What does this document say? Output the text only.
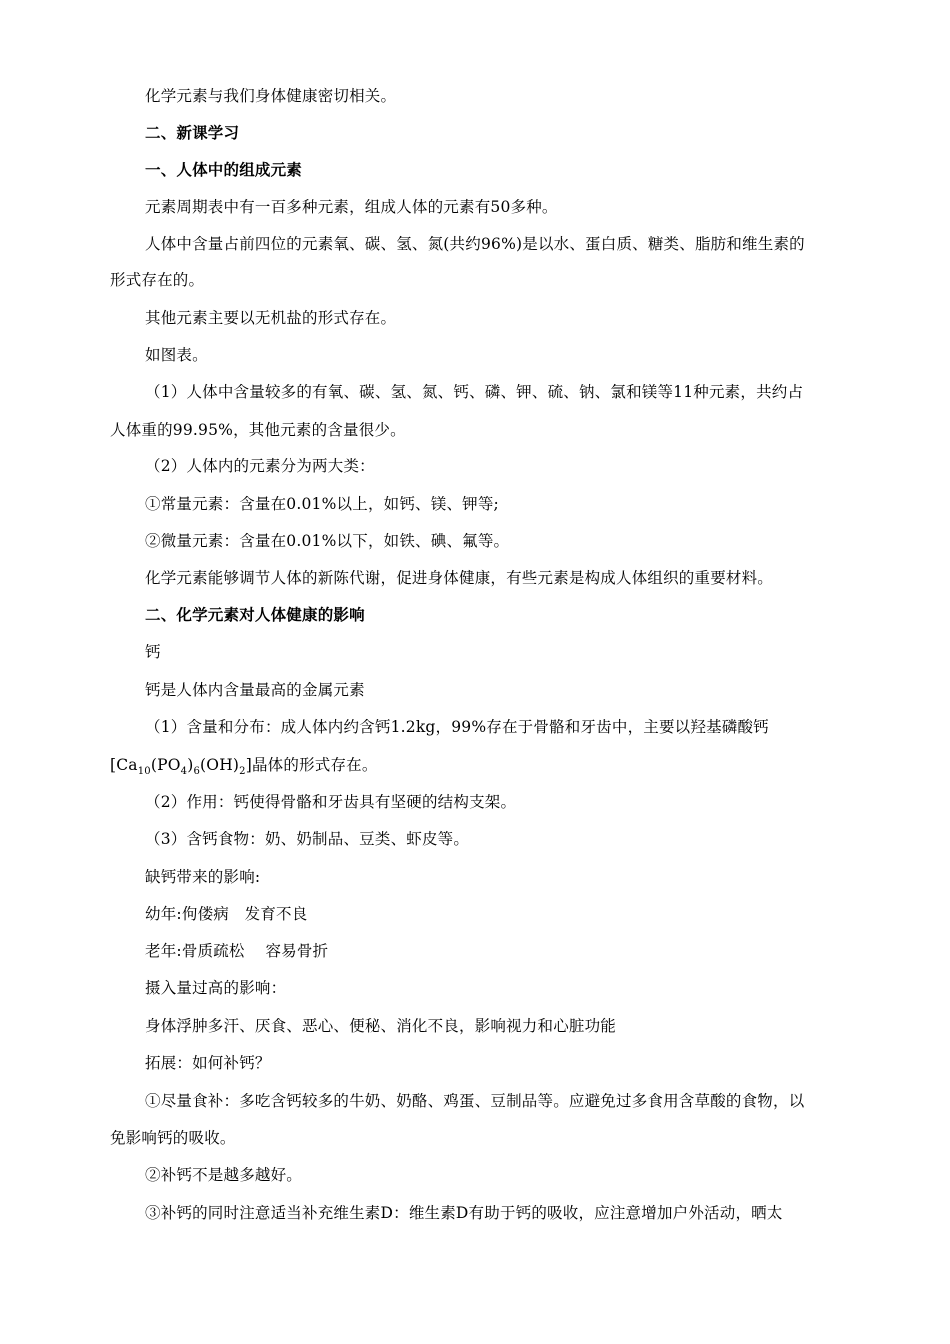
化学元素与我们身体健康密切相关。
二、新课学习
一、人体中的组成元素
元素周期表中有一百多种元素，组成人体的元素有50多种。
人体中含量占前四位的元素氧、碳、氢、氮(共约96%)是以水、蛋白质、糖类、脂肪和维生素的
形式存在的。
其他元素主要以无机盐的形式存在。
如图表。
（1）人体中含量较多的有氧、碳、氢、氮、钙、磷、钾、硫、钠、氯和镁等11种元素，共约占
人体重的99.95%，其他元素的含量很少。
（2）人体内的元素分为两大类：
①常量元素：含量在0.01%以上，如钙、镁、钾等;
②微量元素：含量在0.01%以下，如铁、碘、氟等。
化学元素能够调节人体的新陈代谢，促进身体健康，有些元素是构成人体组织的重要材料。
二、化学元素对人体健康的影响
钙
钙是人体内含量最高的金属元素
（1）含量和分布：成人体内约含钙1.2kg，99%存在于骨骼和牙齿中，主要以羟基磷酸钙
$[Ca_{10}(PO_4)_6(OH)_2]$晶体的形式存在。
（2）作用：钙使得骨骼和牙齿具有坚硬的结构支架。
（3）含钙食物：奶、奶制品、豆类、虾皮等。
缺钙带来的影响:
幼年:佝偻病　发育不良
老年:骨质疏松　 容易骨折
摄入量过高的影响：
身体浮肿多汗、厌食、恶心、便秘、消化不良，影响视力和心脏功能
拓展：如何补钙？
①尽量食补：多吃含钙较多的牛奶、奶酪、鸡蛋、豆制品等。应避免过多食用含草酸的食物，以
免影响钙的吸收。
②补钙不是越多越好。
③补钙的同时注意适当补充维生素D：维生素D有助于钙的吸收，应注意增加户外活动，晒太
